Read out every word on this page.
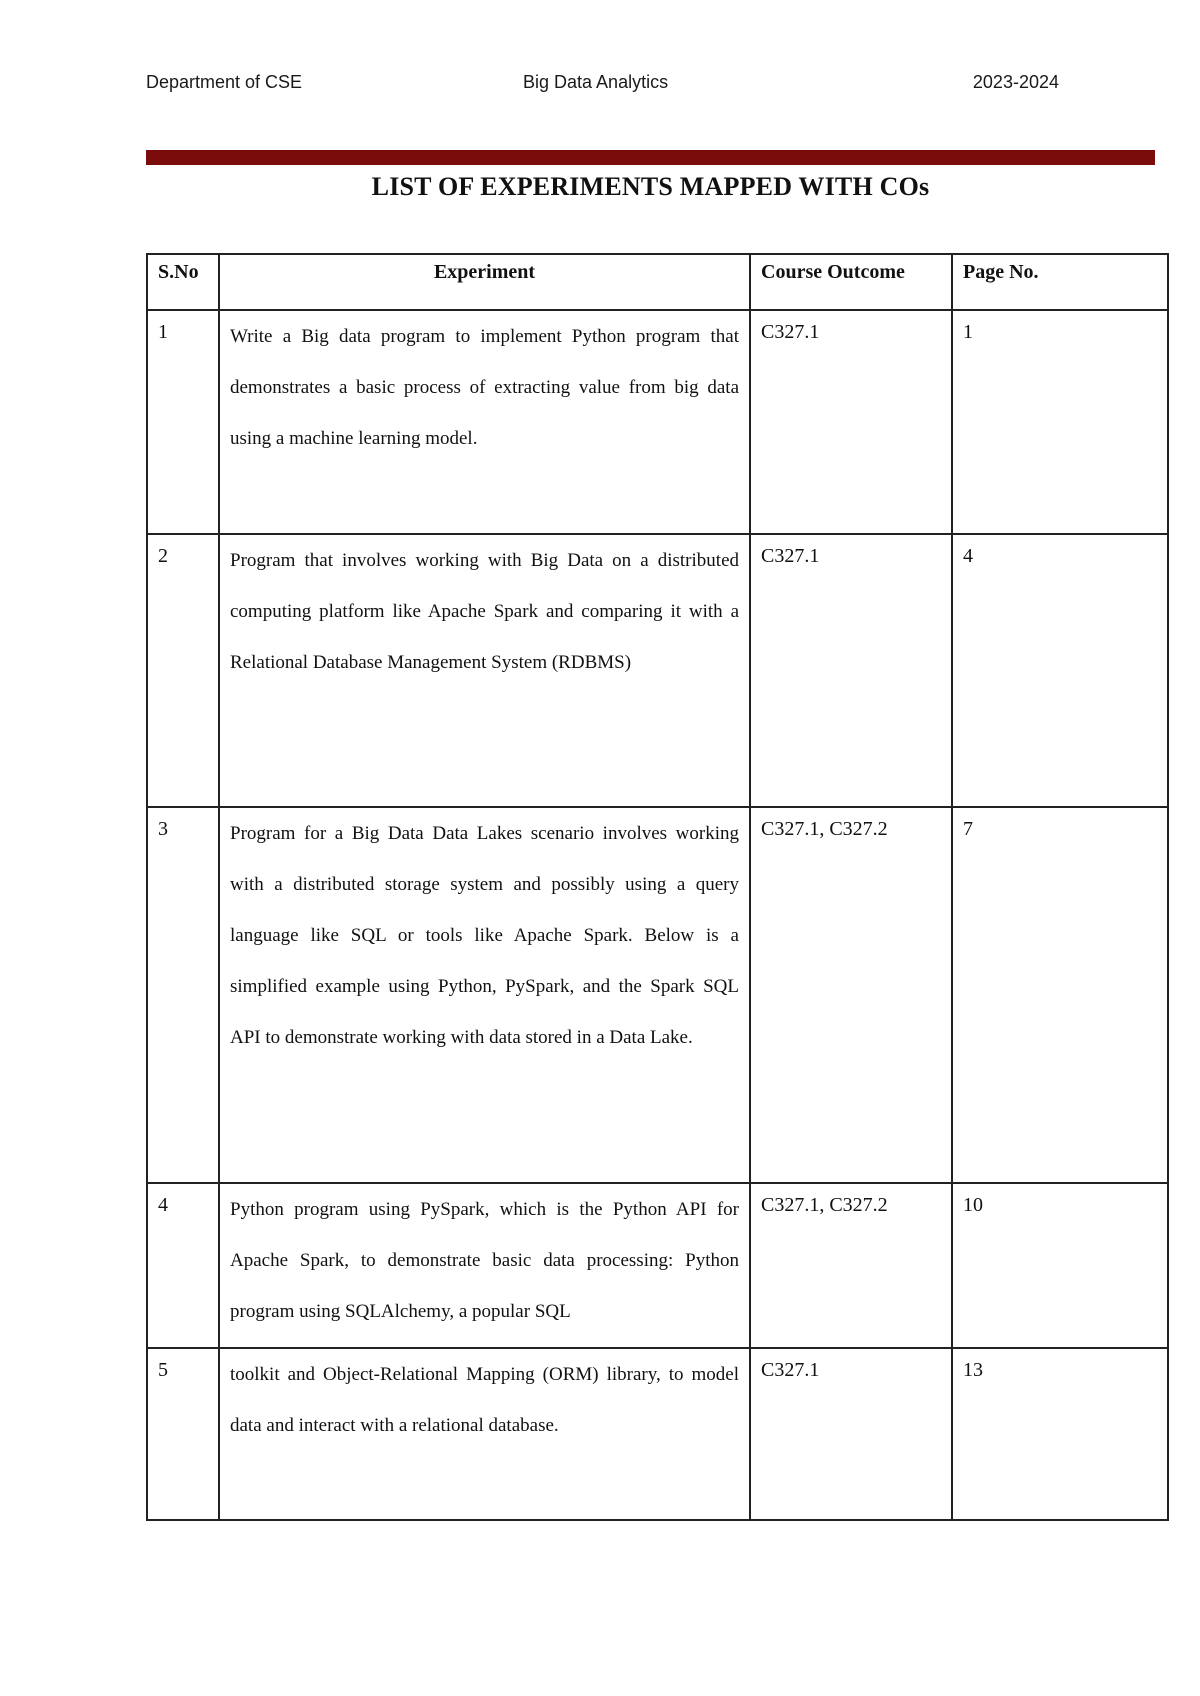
Department of CSE	Big Data Analytics	2023-2024
LIST OF EXPERIMENTS MAPPED WITH COs
S.No	Experiment	Course Outcome	Page No.
1	Write a Big data program to implement Python program that demonstrates a basic process of extracting value from big data using a machine learning model.	C327.1	1
2	Program that involves working with Big Data on a distributed computing platform like Apache Spark and comparing it with a Relational Database Management System (RDBMS)	C327.1	4
3	Program for a Big Data Data Lakes scenario involves working with a distributed storage system and possibly using a query language like SQL or tools like Apache Spark. Below is a simplified example using Python, PySpark, and the Spark SQL API to demonstrate working with data stored in a Data Lake.	C327.1, C327.2	7
4	Python program using PySpark, which is the Python API for Apache Spark, to demonstrate basic data processing: Python program using SQLAlchemy, a popular SQL	C327.1, C327.2	10
5	toolkit and Object-Relational Mapping (ORM) library, to model data and interact with a relational database.	C327.1	13
